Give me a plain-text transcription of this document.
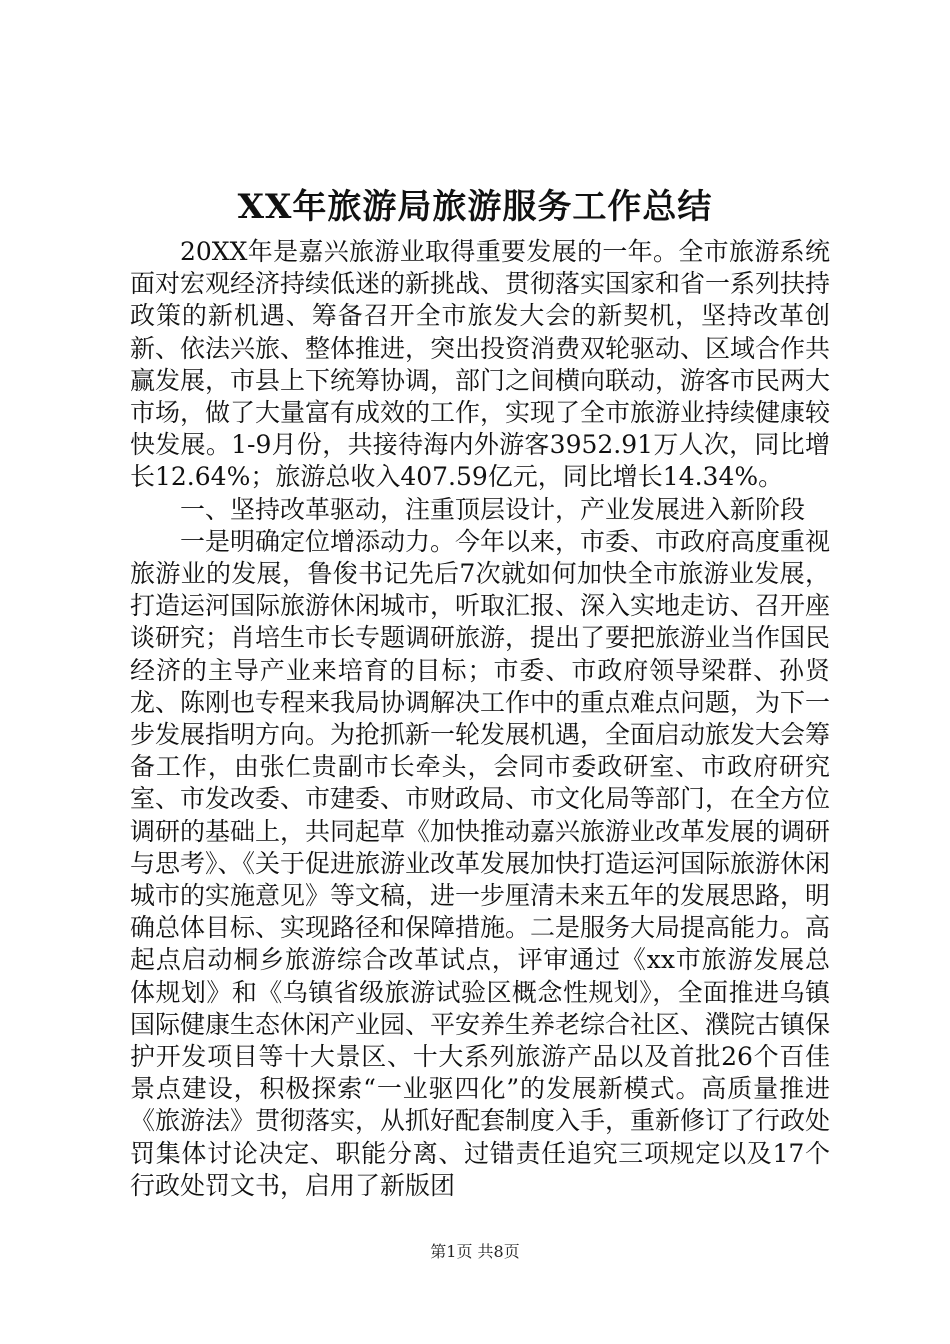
XX年旅游局旅游服务工作总结

20XX年是嘉兴旅游业取得重要发展的一年。全市旅游系统面对宏观经济持续低迷的新挑战、贯彻落实国家和省一系列扶持政策的新机遇、筹备召开全市旅发大会的新契机，坚持改革创新、依法兴旅、整体推进，突出投资消费双轮驱动、区域合作共赢发展，市县上下统筹协调，部门之间横向联动，游客市民两大市场，做了大量富有成效的工作，实现了全市旅游业持续健康较快发展。1-9月份，共接待海内外游客3952.91万人次，同比增长12.64%；旅游总收入407.59亿元，同比增长14.34%。

一、坚持改革驱动，注重顶层设计，产业发展进入新阶段

一是明确定位增添动力。今年以来，市委、市政府高度重视旅游业的发展，鲁俊书记先后7次就如何加快全市旅游业发展，打造运河国际旅游休闲城市，听取汇报、深入实地走访、召开座谈研究；肖培生市长专题调研旅游，提出了要把旅游业当作国民经济的主导产业来培育的目标；市委、市政府领导梁群、孙贤龙、陈刚也专程来我局协调解决工作中的重点难点问题，为下一步发展指明方向。为抢抓新一轮发展机遇，全面启动旅发大会筹备工作，由张仁贵副市长牵头，会同市委政研室、市政府研究室、市发改委、市建委、市财政局、市文化局等部门，在全方位调研的基础上，共同起草《加快推动嘉兴旅游业改革发展的调研与思考》、《关于促进旅游业改革发展加快打造运河国际旅游休闲城市的实施意见》等文稿，进一步厘清未来五年的发展思路，明确总体目标、实现路径和保障措施。二是服务大局提高能力。高起点启动桐乡旅游综合改革试点，评审通过《xx市旅游发展总体规划》和《乌镇省级旅游试验区概念性规划》，全面推进乌镇国际健康生态休闲产业园、平安养生养老综合社区、濮院古镇保护开发项目等十大景区、十大系列旅游产品以及首批26个百佳景点建设，积极探索“一业驱四化”的发展新模式。高质量推进《旅游法》贯彻落实，从抓好配套制度入手，重新修订了行政处罚集体讨论决定、职能分离、过错责任追究三项规定以及17个行政处罚文书，启用了新版团

第1页 共8页
